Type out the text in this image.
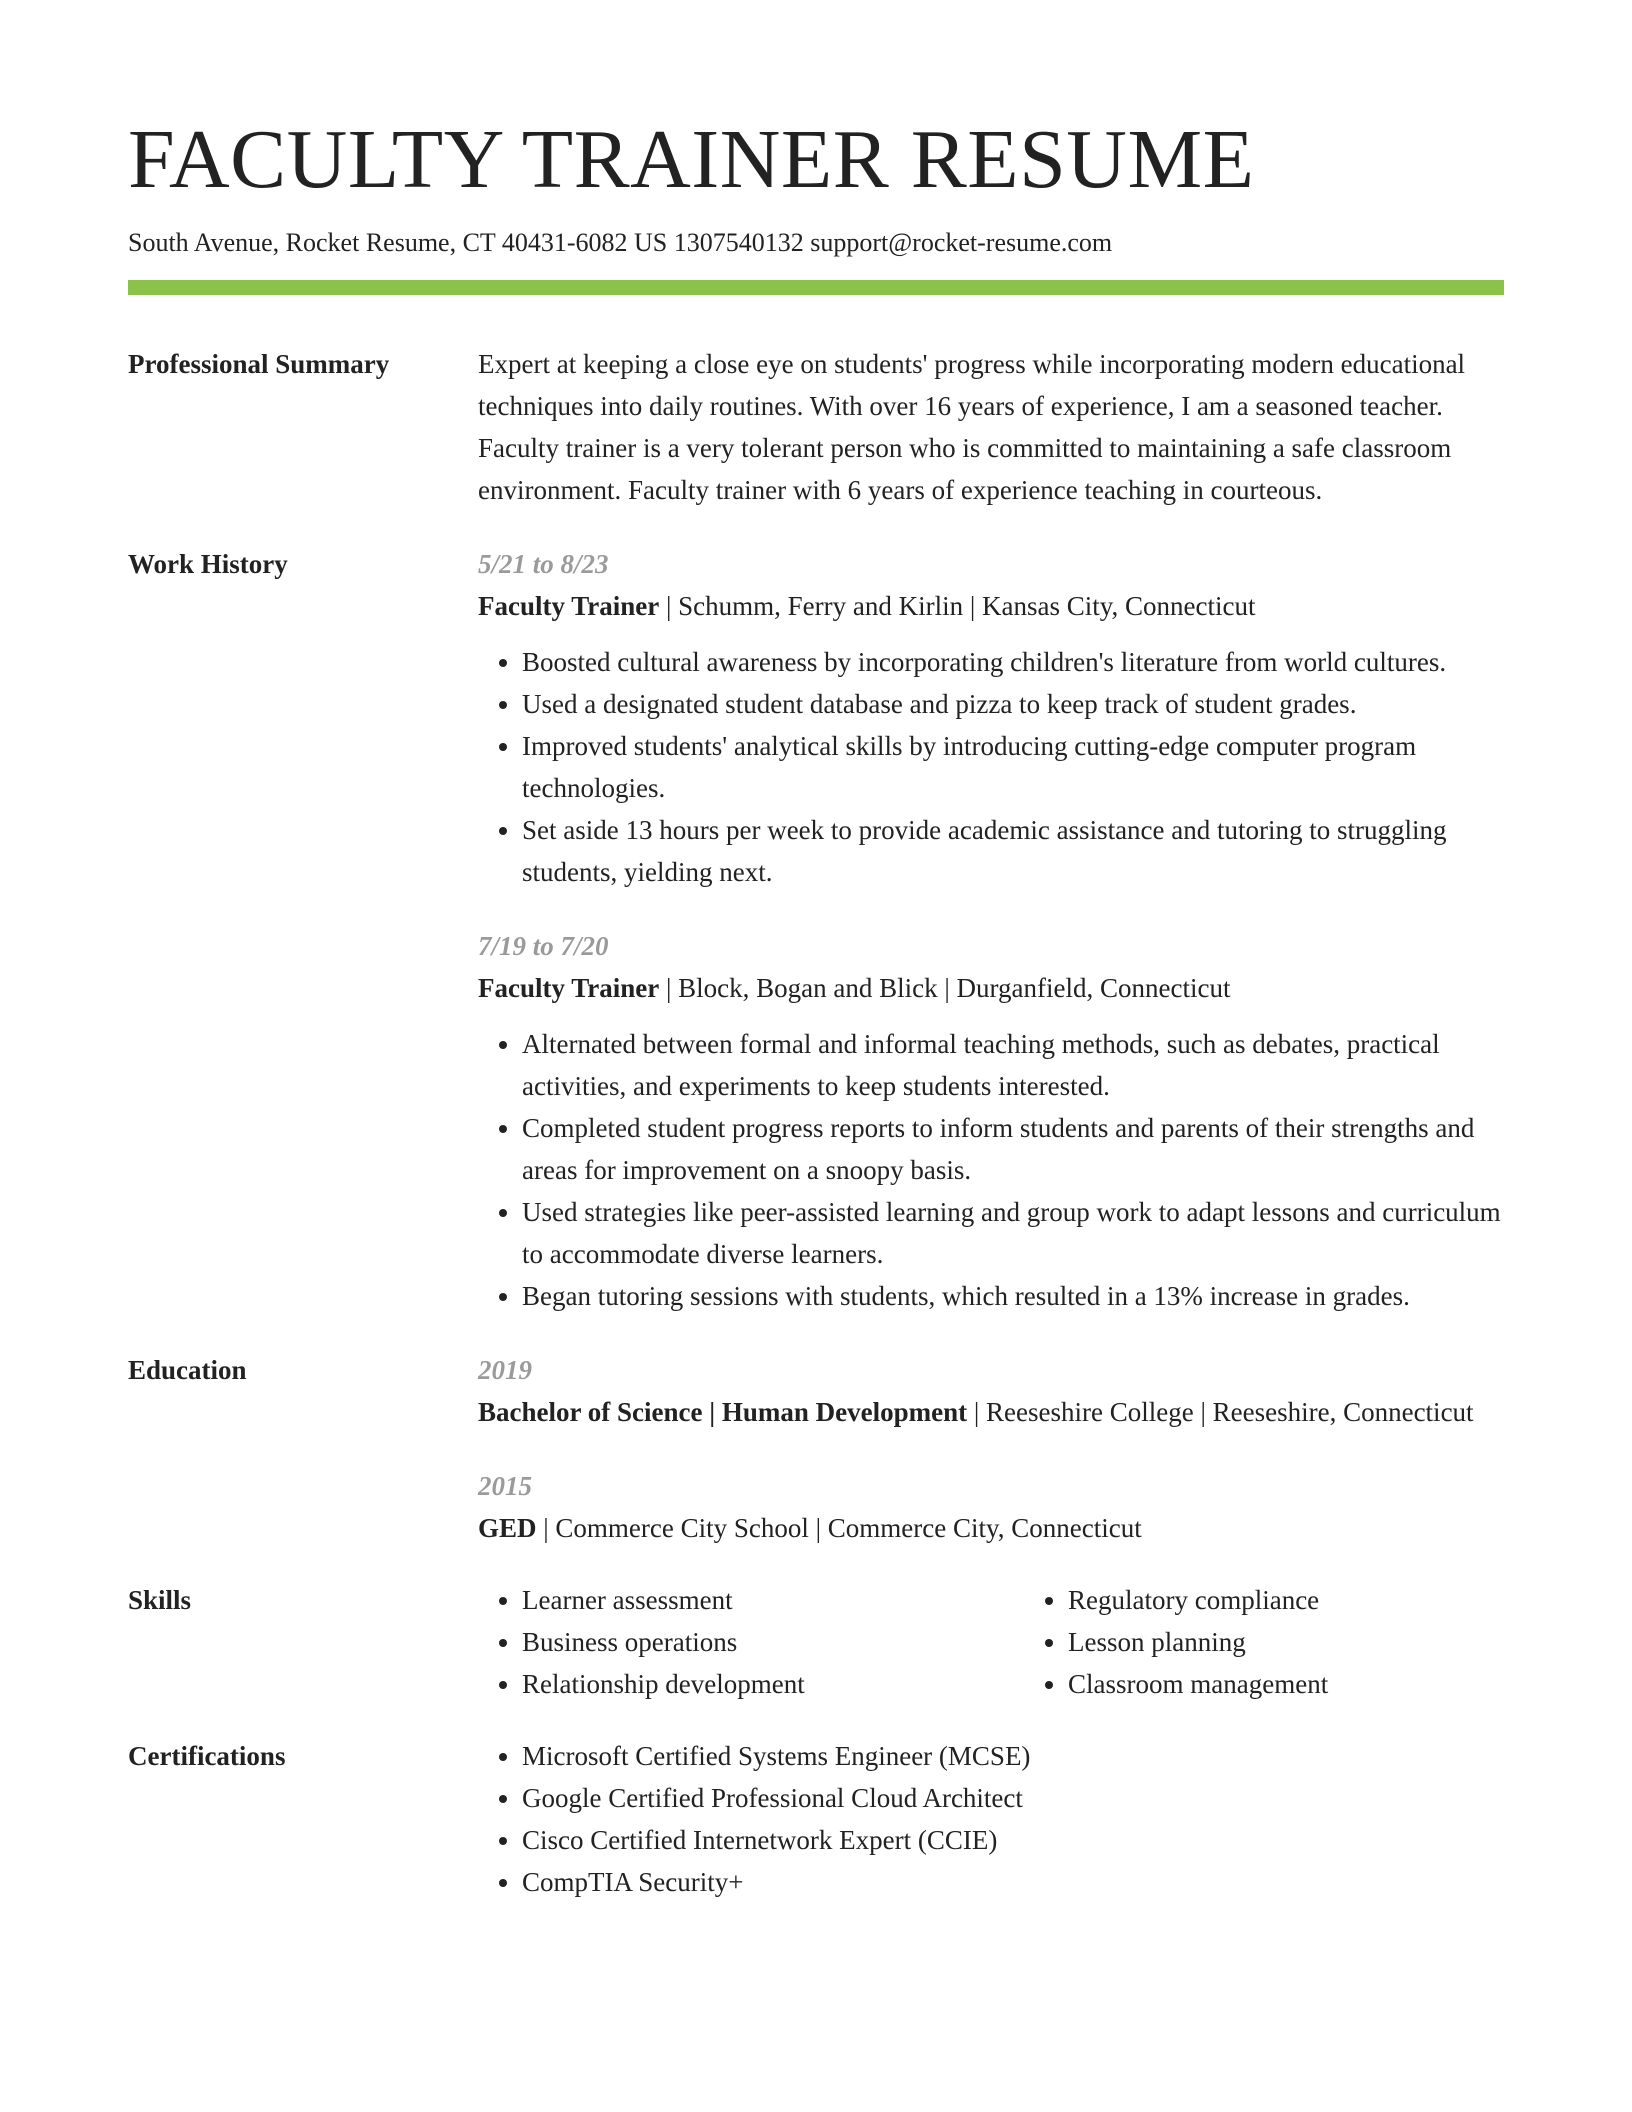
FACULTY TRAINER RESUME
South Avenue, Rocket Resume, CT 40431-6082 US 1307540132 support@rocket-resume.com
Professional Summary	Expert at keeping a close eye on students' progress while incorporating modern educational techniques into daily routines. With over 16 years of experience, I am a seasoned teacher. Faculty trainer is a very tolerant person who is committed to maintaining a safe classroom environment. Faculty trainer with 6 years of experience teaching in courteous.
Work History	5/21 to 8/23
Faculty Trainer | Schumm, Ferry and Kirlin | Kansas City, Connecticut
• Boosted cultural awareness by incorporating children's literature from world cultures.
• Used a designated student database and pizza to keep track of student grades.
• Improved students' analytical skills by introducing cutting-edge computer program technologies.
• Set aside 13 hours per week to provide academic assistance and tutoring to struggling students, yielding next.
7/19 to 7/20
Faculty Trainer | Block, Bogan and Blick | Durganfield, Connecticut
• Alternated between formal and informal teaching methods, such as debates, practical activities, and experiments to keep students interested.
• Completed student progress reports to inform students and parents of their strengths and areas for improvement on a snoopy basis.
• Used strategies like peer-assisted learning and group work to adapt lessons and curriculum to accommodate diverse learners.
• Began tutoring sessions with students, which resulted in a 13% increase in grades.
Education	2019
Bachelor of Science | Human Development | Reeseshire College | Reeseshire, Connecticut
2015
GED | Commerce City School | Commerce City, Connecticut
Skills	• Learner assessment
• Business operations
• Relationship development
• Regulatory compliance
• Lesson planning
• Classroom management
Certifications	• Microsoft Certified Systems Engineer (MCSE)
• Google Certified Professional Cloud Architect
• Cisco Certified Internetwork Expert (CCIE)
• CompTIA Security+
